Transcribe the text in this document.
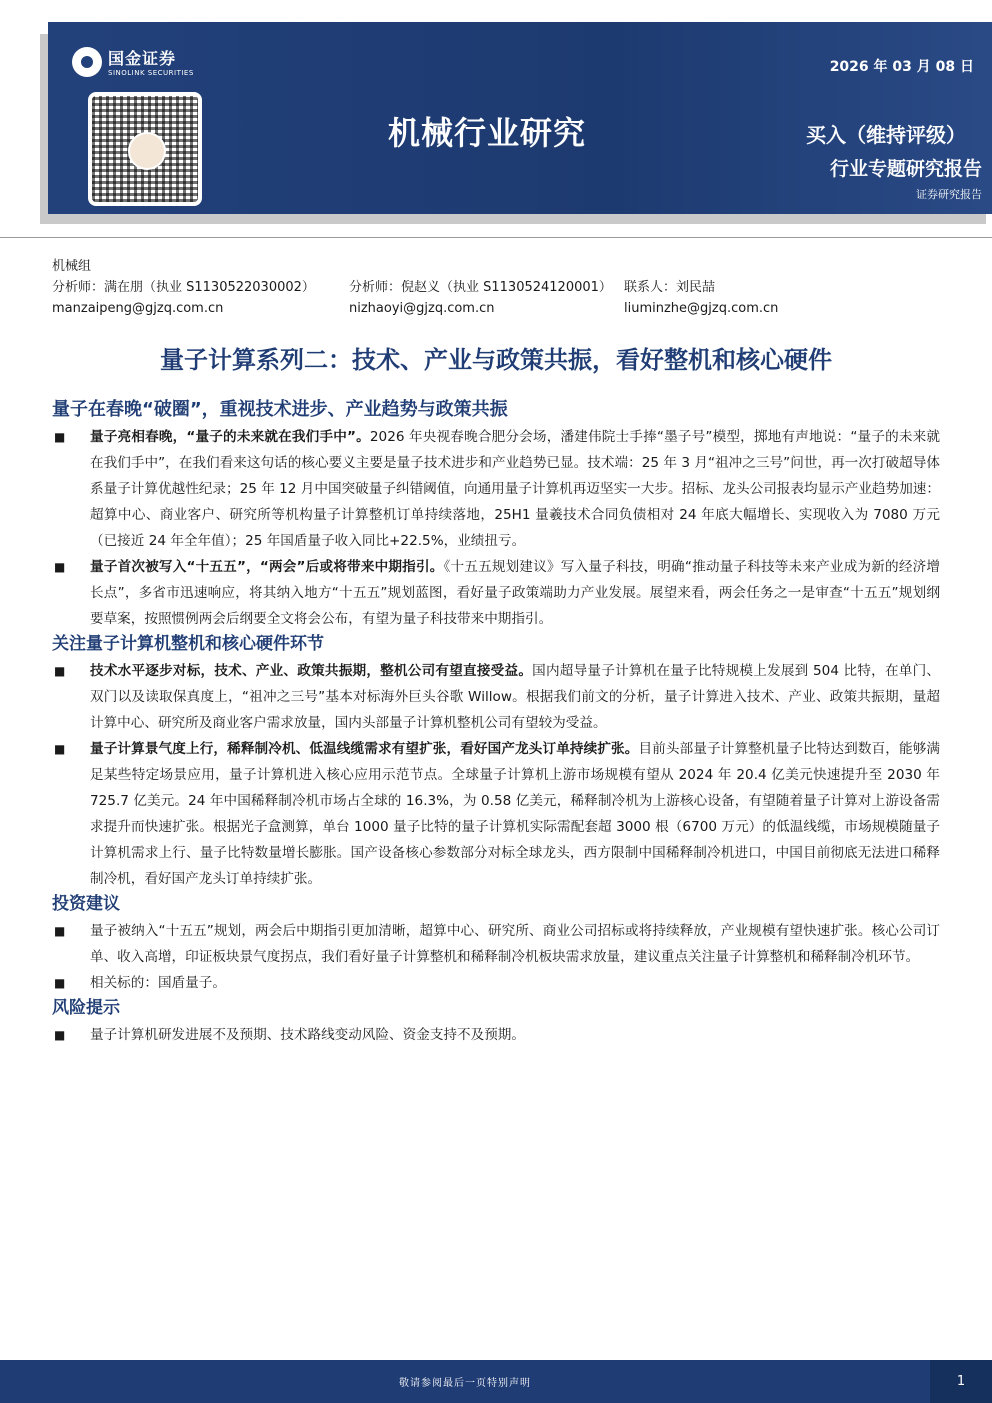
国金证券
SINOLINK SECURITIES	2026 年 03 月 08 日
机械行业研究	买入（维持评级）
行业专题研究报告
证券研究报告
机械组
分析师：满在朋（执业 S1130522030002）	分析师：倪赵义（执业 S1130524120001） 联系人：刘民喆
manzaipeng@gjzq.com.cn	nizhaoyi@gjzq.com.cn	liuminzhe@gjzq.com.cn
量子计算系列二：技术、产业与政策共振，看好整机和核心硬件
量子在春晚“破圈”，重视技术进步、产业趋势与政策共振
■ 量子亮相春晚，“量子的未来就在我们手中”。2026 年央视春晚合肥分会场，潘建伟院士手捧“墨子号”模型，掷地有声地说：“量子的未来就在我们手中”，在我们看来这句话的核心要义主要是量子技术进步和产业趋势已显。技术端：25 年 3 月“祖冲之三号”问世，再一次打破超导体系量子计算优越性纪录；25 年 12 月中国突破量子纠错阈值，向通用量子计算机再迈坚实一大步。招标、龙头公司报表均显示产业趋势加速：超算中心、商业客户、研究所等机构量子计算整机订单持续落地，25H1 量羲技术合同负债相对 24 年底大幅增长、实现收入为 7080 万元（已接近 24 年全年值）；25 年国盾量子收入同比+22.5%，业绩扭亏。
■ 量子首次被写入“十五五”，“两会”后或将带来中期指引。《十五五规划建议》写入量子科技，明确“推动量子科技等未来产业成为新的经济增长点”，多省市迅速响应，将其纳入地方“十五五”规划蓝图，看好量子政策端助力产业发展。展望来看，两会任务之一是审查“十五五”规划纲要草案，按照惯例两会后纲要全文将会公布，有望为量子科技带来中期指引。
关注量子计算机整机和核心硬件环节
■ 技术水平逐步对标，技术、产业、政策共振期，整机公司有望直接受益。国内超导量子计算机在量子比特规模上发展到 504 比特，在单门、双门以及读取保真度上，“祖冲之三号”基本对标海外巨头谷歌 Willow。根据我们前文的分析，量子计算进入技术、产业、政策共振期，量超计算中心、研究所及商业客户需求放量，国内头部量子计算机整机公司有望较为受益。
■ 量子计算景气度上行，稀释制冷机、低温线缆需求有望扩张，看好国产龙头订单持续扩张。目前头部量子计算整机量子比特达到数百，能够满足某些特定场景应用，量子计算机进入核心应用示范节点。全球量子计算机上游市场规模有望从 2024 年 20.4 亿美元快速提升至 2030 年 725.7 亿美元。24 年中国稀释制冷机市场占全球的 16.3%，为 0.58 亿美元，稀释制冷机为上游核心设备，有望随着量子计算对上游设备需求提升而快速扩张。根据光子盒测算，单台 1000 量子比特的量子计算机实际需配套超 3000 根（6700 万元）的低温线缆，市场规模随量子计算机需求上行、量子比特数量增长膨胀。国产设备核心参数部分对标全球龙头，西方限制中国稀释制冷机进口，中国目前彻底无法进口稀释制冷机，看好国产龙头订单持续扩张。
投资建议
■ 量子被纳入“十五五”规划，两会后中期指引更加清晰，超算中心、研究所、商业公司招标或将持续释放，产业规模有望快速扩张。核心公司订单、收入高增，印证板块景气度拐点，我们看好量子计算整机和稀释制冷机板块需求放量，建议重点关注量子计算整机和稀释制冷机环节。
■ 相关标的：国盾量子。
风险提示
■ 量子计算机研发进展不及预期、技术路线变动风险、资金支持不及预期。
敬请参阅最后一页特别声明	1
